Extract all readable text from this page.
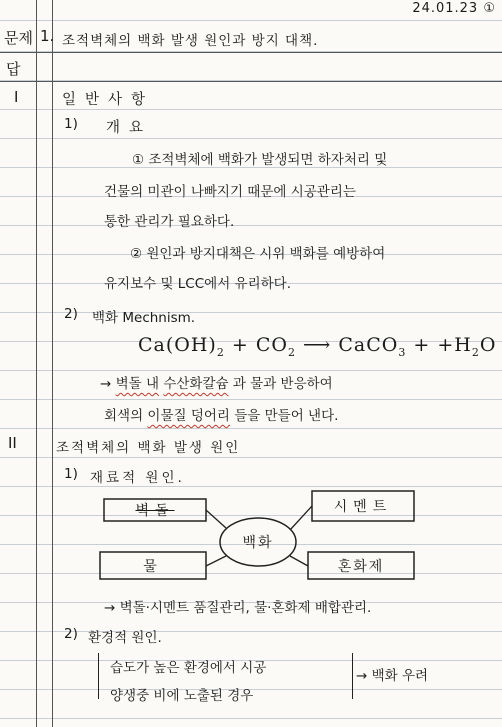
24.01.23 ①
문제 1. 조적벽체의 백화 발생 원인과 방지 대책.
답
I	일반사항
1) 개요
① 조적벽체에 백화가 발생되면 하자처리 및
건물의 미관이 나빠지기 때문에 시공관리는
통한 관리가 필요하다.
② 원인과 방지대책은 시위 백화를 예방하여
유지보수 및 LCC에서 유리하다.
2) 백화 Mechnism.
$Ca(OH)_2 + CO_2$ ⟶ CaCO$_3$ + $+H_2O$
→ 벽돌 내 수산화칼슘 과 물과 반응하여
회색의 이물질 덩어리 들을 만들어 낸다.
II	조적벽체의 백화 발생 원인
1) 재료적 원인.
벽돌	시멘트
백화
물	혼화제
→ 벽돌·시멘트 품질관리, 물·혼화제 배합관리.
2) 환경적 원인.
습도가 높은 환경에서 시공
양생중 비에 노출된 경우
→ 백화 우려
